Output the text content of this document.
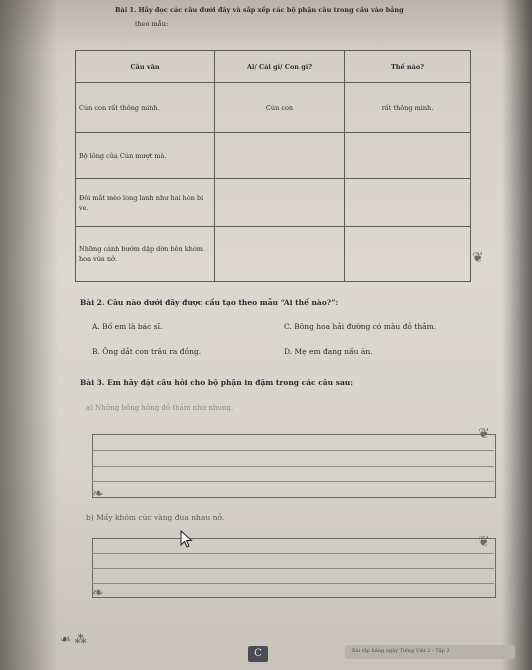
Bài 1. Hãy đọc các câu dưới đây và sắp xếp các bộ phận câu trong câu vào bảng
theo mẫu:
Câu văn	Ai/ Cái gì/ Con gì?	Thế nào?
Cún con rất thông minh.	Cún con	rất thông minh.
Bộ lông của Cún mượt mà.		
Đôi mắt mèo long lanh như hai hòn bi ve.		
Những cánh bướm dập dờn bên khóm hoa vừa nở.			❦
Bài 2. Câu nào dưới đây được cấu tạo theo mẫu “Ai thế nào?”:
A. Bố em là bác sĩ.	C. Bông hoa hải đường có màu đỏ thắm.
B. Ông dắt con trâu ra đồng.	D. Mẹ em đang nấu ăn.
Bài 3. Em hãy đặt câu hỏi cho bộ phận in đậm trong các câu sau:
a) Những bông hồng đỏ thắm như nhung.
❦
❧
b) Mấy khóm cúc vàng đua nhau nở.
❦
❧
☙ ⁂
C	Bài tập hằng ngày Tiếng Việt 2 - Tập 2
